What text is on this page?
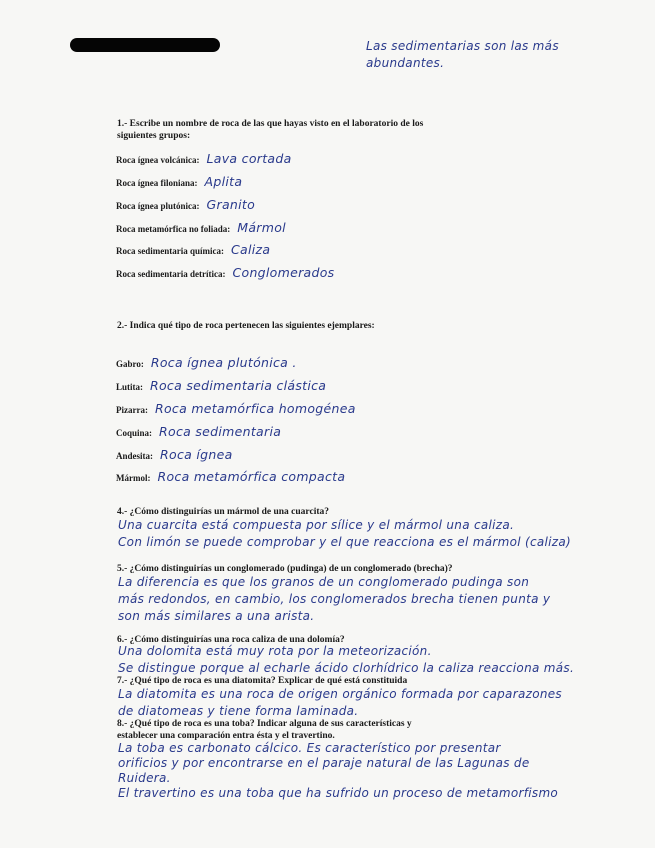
Las sedimentarias son las más
abundantes.
1.- Escribe un nombre de roca de las que hayas visto en el laboratorio de los
siguientes grupos:
Roca ígnea volcánica: Lava cortada
Roca ígnea filoniana: Aplita
Roca ígnea plutónica: Granito
Roca metamórfica no foliada: Mármol
Roca sedimentaria química: Caliza
Roca sedimentaria detrítica: Conglomerados
2.- Indica qué tipo de roca pertenecen las siguientes ejemplares:
Gabro: Roca ígnea plutónica .
Lutita: Roca sedimentaria clástica
Pizarra: Roca metamórfica homogénea
Coquina: Roca sedimentaria
Andesita: Roca ígnea
Mármol: Roca metamórfica compacta
4.- ¿Cómo distinguirías un mármol de una cuarcita?
Una cuarcita está compuesta por sílice y el mármol una caliza.
Con limón se puede comprobar y el que reacciona es el mármol (caliza)
5.- ¿Cómo distinguirías un conglomerado (pudinga) de un conglomerado (brecha)?
La diferencia es que los granos de un conglomerado pudinga son
más redondos, en cambio, los conglomerados brecha tienen punta y
son más similares a una arista.
6.- ¿Cómo distinguirías una roca caliza de una dolomía?
Una dolomita está muy rota por la meteorización.
Se distingue porque al echarle ácido clorhídrico la caliza reacciona más.
7.- ¿Qué tipo de roca es una diatomita? Explicar de qué está constituida
La diatomita es una roca de origen orgánico formada por caparazones
de diatomeas y tiene forma laminada.
8.- ¿Qué tipo de roca es una toba? Indicar alguna de sus características y
establecer una comparación entra ésta y el travertino.
La toba es carbonato cálcico. Es característico por presentar
orificios y por encontrarse en el paraje natural de las Lagunas de
Ruidera.
El travertino es una toba que ha sufrido un proceso de metamorfismo
